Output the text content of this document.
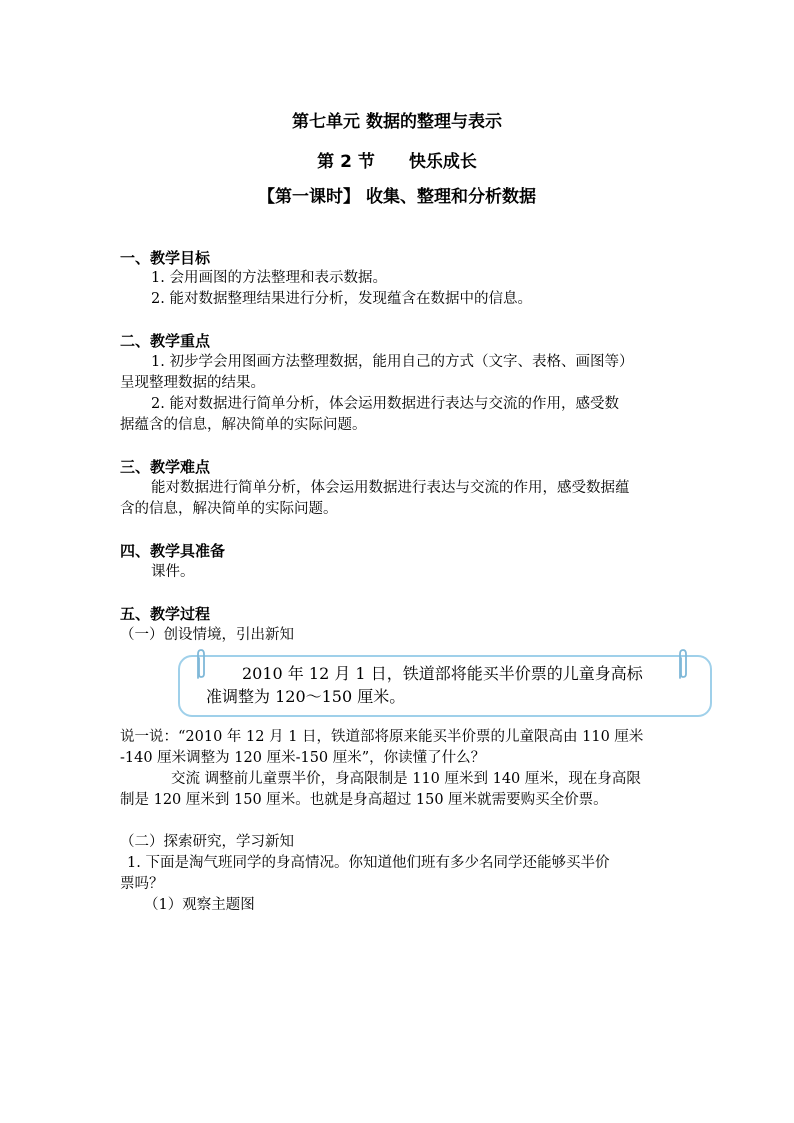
第七单元 数据的整理与表示
第 2 节　　快乐成长
【第一课时】 收集、整理和分析数据
一、教学目标
1. 会用画图的方法整理和表示数据。
2. 能对数据整理结果进行分析，发现蕴含在数据中的信息。
二、教学重点
1. 初步学会用图画方法整理数据，能用自己的方式（文字、表格、画图等）
呈现整理数据的结果。
2. 能对数据进行简单分析，体会运用数据进行表达与交流的作用，感受数
据蕴含的信息，解决简单的实际问题。
三、教学难点
能对数据进行简单分析，体会运用数据进行表达与交流的作用，感受数据蕴
含的信息，解决简单的实际问题。
四、教学具准备
课件。
五、教学过程
（一）创设情境，引出新知
2010 年 12 月 1 日，铁道部将能买半价票的儿童身高标
准调整为 120～150 厘米。
说一说：“2010 年 12 月 1 日，铁道部将原来能买半价票的儿童限高由 110 厘米
-140 厘米调整为 120 厘米-150 厘米”，你读懂了什么？
交流 调整前儿童票半价，身高限制是 110 厘米到 140 厘米，现在身高限
制是 120 厘米到 150 厘米。也就是身高超过 150 厘米就需要购买全价票。
（二）探索研究，学习新知
1. 下面是淘气班同学的身高情况。你知道他们班有多少名同学还能够买半价
票吗？
（1）观察主题图
